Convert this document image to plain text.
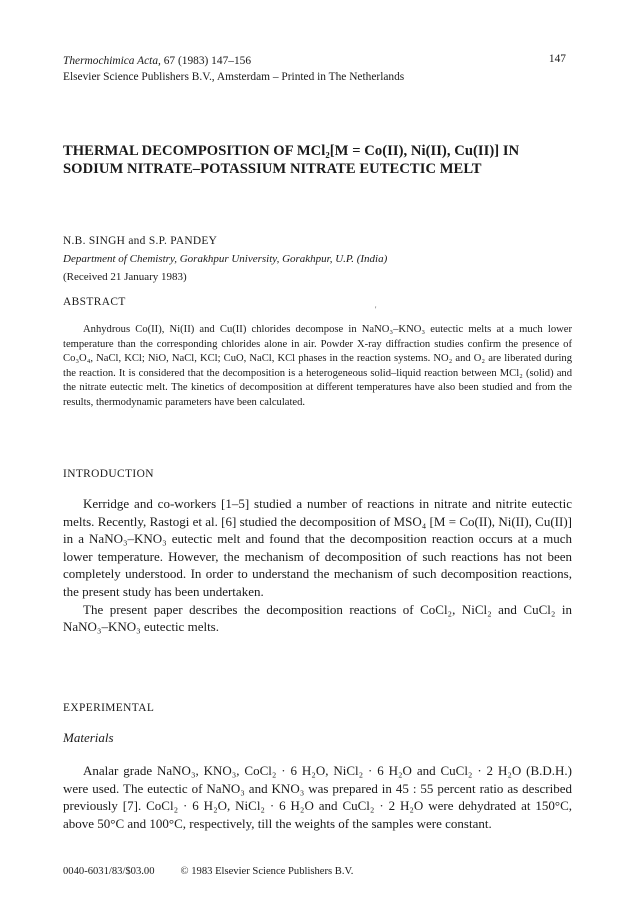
Thermochimica Acta, 67 (1983) 147–156
Elsevier Science Publishers B.V., Amsterdam – Printed in The Netherlands
147
THERMAL DECOMPOSITION OF MCl₂[M = Co(II), Ni(II), Cu(II)] IN SODIUM NITRATE–POTASSIUM NITRATE EUTECTIC MELT
N.B. SINGH and S.P. PANDEY
Department of Chemistry, Gorakhpur University, Gorakhpur, U.P. (India)
(Received 21 January 1983)
ABSTRACT
'
Anhydrous Co(II), Ni(II) and Cu(II) chlorides decompose in NaNO₃–KNO₃ eutectic melts at a much lower temperature than the corresponding chlorides alone in air. Powder X-ray diffraction studies confirm the presence of Co₃O₄, NaCl, KCl; NiO, NaCl, KCl; CuO, NaCl, KCl phases in the reaction systems. NO₂ and O₂ are liberated during the reaction. It is considered that the decomposition is a heterogeneous solid–liquid reaction between MCl₂ (solid) and the nitrate eutectic melt. The kinetics of decomposition at different temperatures have also been studied and from the results, thermodynamic parameters have been calculated.
INTRODUCTION

Kerridge and co-workers [1–5] studied a number of reactions in nitrate and nitrite eutectic melts. Recently, Rastogi et al. [6] studied the decomposition of MSO₄ [M = Co(II), Ni(II), Cu(II)] in a NaNO₃–KNO₃ eutectic melt and found that the decomposition reaction occurs at a much lower temperature. However, the mechanism of decomposition of such reactions has not been completely understood. In order to understand the mechanism of such decomposition reactions, the present study has been undertaken.

The present paper describes the decomposition reactions of CoCl₂, NiCl₂ and CuCl₂ in NaNO₃–KNO₃ eutectic melts.

EXPERIMENTAL
Materials
Analar grade NaNO₃, KNO₃, CoCl₂ · 6 H₂O, NiCl₂ · 6 H₂O and CuCl₂ · 2 H₂O (B.D.H.) were used. The eutectic of NaNO₃ and KNO₃ was prepared in 45 : 55 percent ratio as described previously [7]. CoCl₂ · 6 H₂O, NiCl₂ · 6 H₂O and CuCl₂ · 2 H₂O were dehydrated at 150°C, above 50°C and 100°C, respectively, till the weights of the samples were constant.
0040-6031/83/$03.00 © 1983 Elsevier Science Publishers B.V.
